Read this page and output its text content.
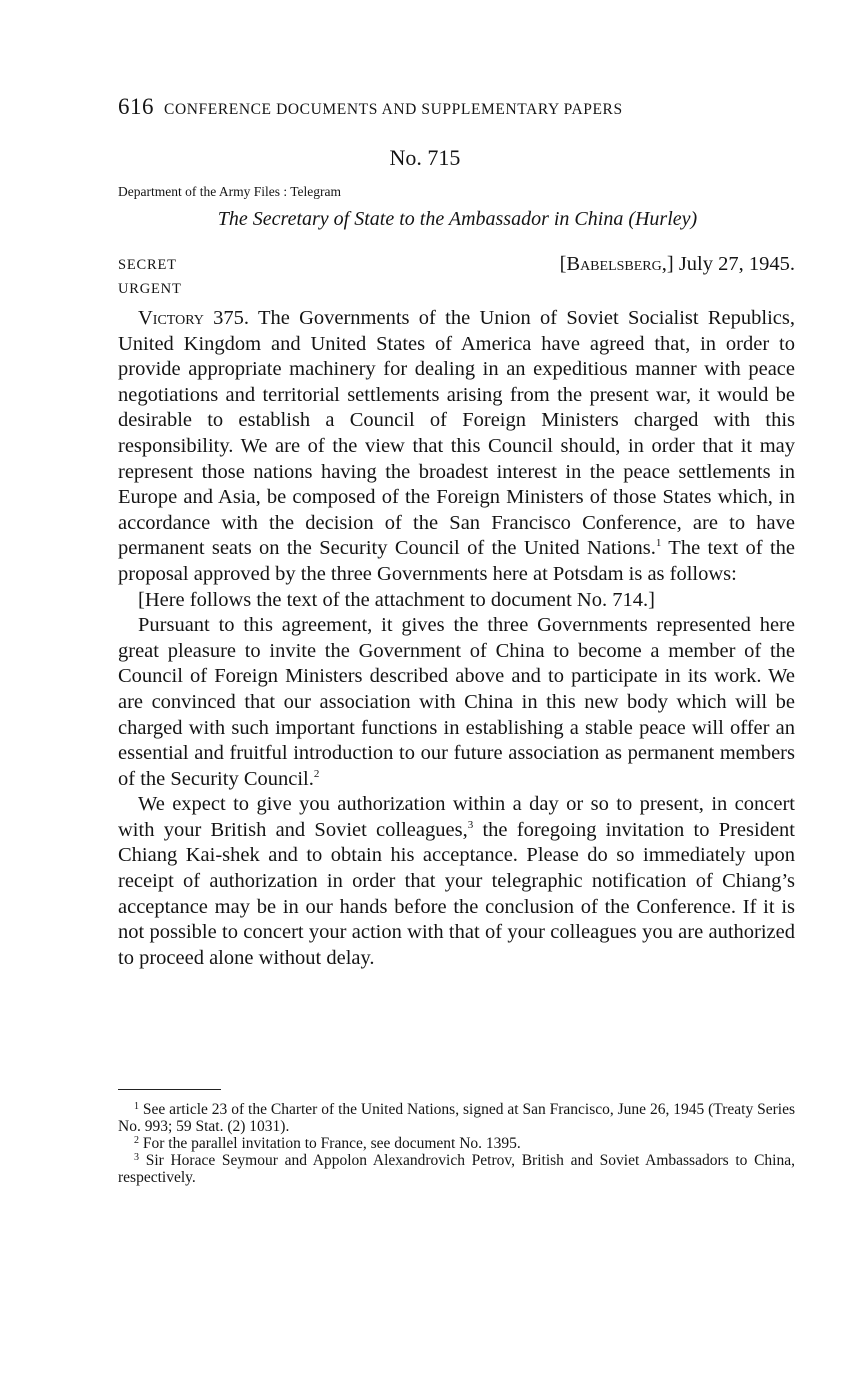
616 CONFERENCE DOCUMENTS AND SUPPLEMENTARY PAPERS
No. 715
Department of the Army Files : Telegram
The Secretary of State to the Ambassador in China (Hurley)
SECRET
URGENT
[Babelsberg,] July 27, 1945.

Victory 375. The Governments of the Union of Soviet Socialist Republics, United Kingdom and United States of America have agreed that, in order to provide appropriate machinery for dealing in an expeditious manner with peace negotiations and territorial settlements arising from the present war, it would be desirable to establish a Council of Foreign Ministers charged with this responsibility. We are of the view that this Council should, in order that it may represent those nations having the broadest interest in the peace settlements in Europe and Asia, be composed of the Foreign Ministers of those States which, in accordance with the decision of the San Francisco Conference, are to have permanent seats on the Security Council of the United Nations.$^1$ The text of the proposal approved by the three Governments here at Potsdam is as follows:

[Here follows the text of the attachment to document No. 714.]

Pursuant to this agreement, it gives the three Governments represented here great pleasure to invite the Government of China to become a member of the Council of Foreign Ministers described above and to participate in its work. We are convinced that our association with China in this new body which will be charged with such important functions in establishing a stable peace will offer an essential and fruitful introduction to our future association as permanent members of the Security Council.$^2$

We expect to give you authorization within a day or so to present, in concert with your British and Soviet colleagues,$^3$ the foregoing invitation to President Chiang Kai-shek and to obtain his acceptance. Please do so immediately upon receipt of authorization in order that your telegraphic notification of Chiang’s acceptance may be in our hands before the conclusion of the Conference. If it is not possible to concert your action with that of your colleagues you are authorized to proceed alone without delay.

$^1$ See article 23 of the Charter of the United Nations, signed at San Francisco, June 26, 1945 (Treaty Series No. 993; 59 Stat. (2) 1031).

$^2$ For the parallel invitation to France, see document No. 1395.

$^3$ Sir Horace Seymour and Appolon Alexandrovich Petrov, British and Soviet Ambassadors to China, respectively.
